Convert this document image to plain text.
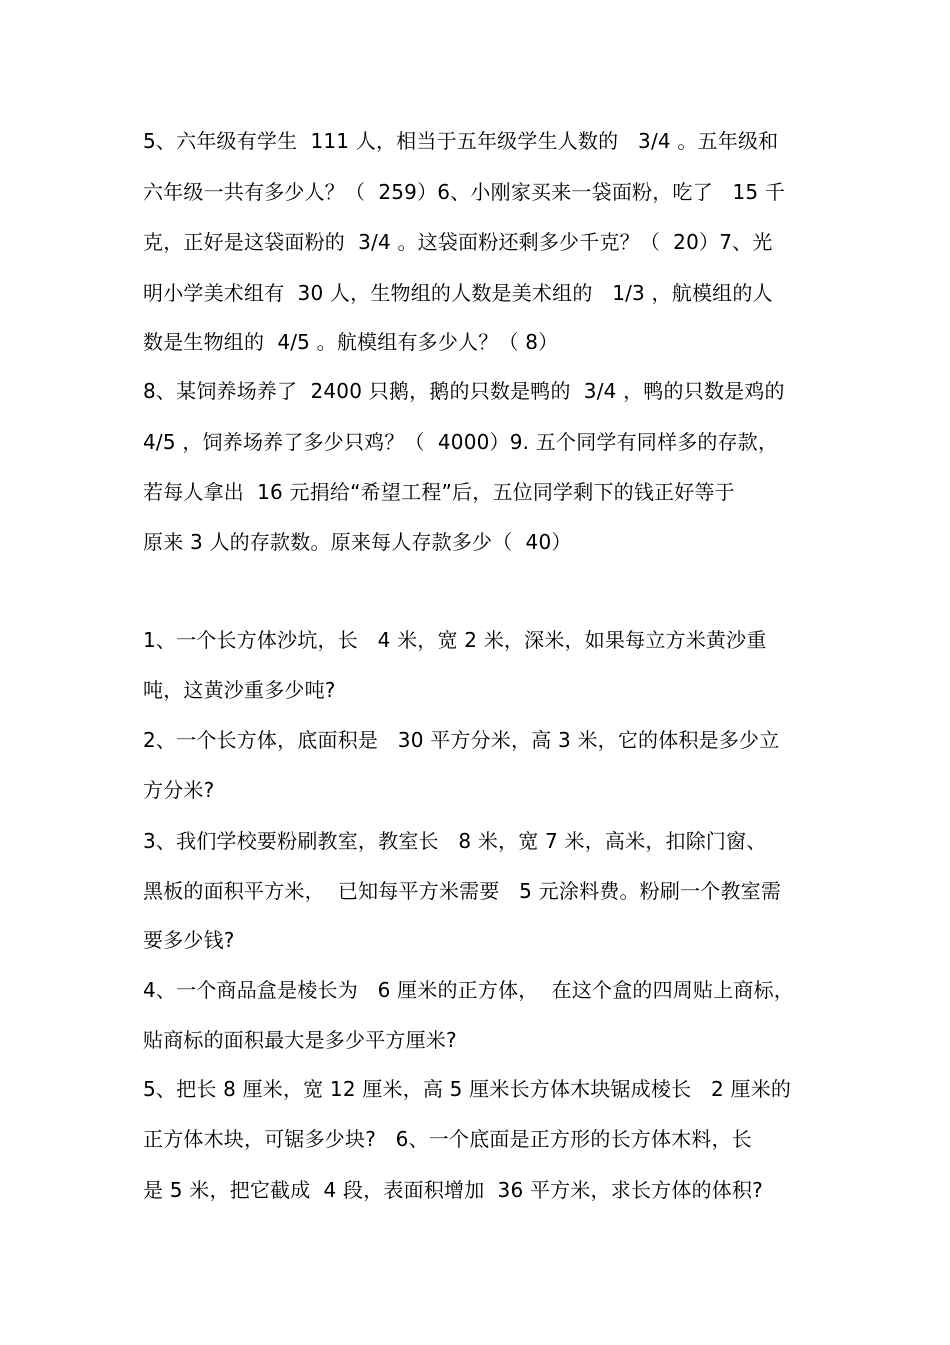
5、六年级有学生  111 人，相当于五年级学生人数的   3/4 。五年级和
六年级一共有多少人？（  259）6、小刚家买来一袋面粉，吃了   15 千
克，正好是这袋面粉的  3/4 。这袋面粉还剩多少千克？（  20）7、光
明小学美术组有  30 人，生物组的人数是美术组的   1/3 ，航模组的人
数是生物组的  4/5 。航模组有多少人？（ 8）
8、某饲养场养了  2400 只鹅，鹅的只数是鸭的  3/4 ，鸭的只数是鸡的
4/5 ，饲养场养了多少只鸡？（  4000）9. 五个同学有同样多的存款，
若每人拿出  16 元捐给“希望工程”后，五位同学剩下的钱正好等于
原来 3 人的存款数。原来每人存款多少（  40）
1、一个长方体沙坑，长   4 米，宽 2 米，深米，如果每立方米黄沙重
吨，这黄沙重多少吨?
2、一个长方体，底面积是   30 平方分米，高 3 米，它的体积是多少立
方分米?
3、我们学校要粉刷教室，教室长   8 米，宽 7 米，高米，扣除门窗、
黑板的面积平方米，  已知每平方米需要   5 元涂料费。粉刷一个教室需
要多少钱?
4、一个商品盒是棱长为   6 厘米的正方体，  在这个盒的四周贴上商标，
贴商标的面积最大是多少平方厘米?
5、把长 8 厘米，宽 12 厘米，高 5 厘米长方体木块锯成棱长   2 厘米的
正方体木块，可锯多少块?   6、一个底面是正方形的长方体木料，长
是 5 米，把它截成  4 段，表面积增加  36 平方米，求长方体的体积?
